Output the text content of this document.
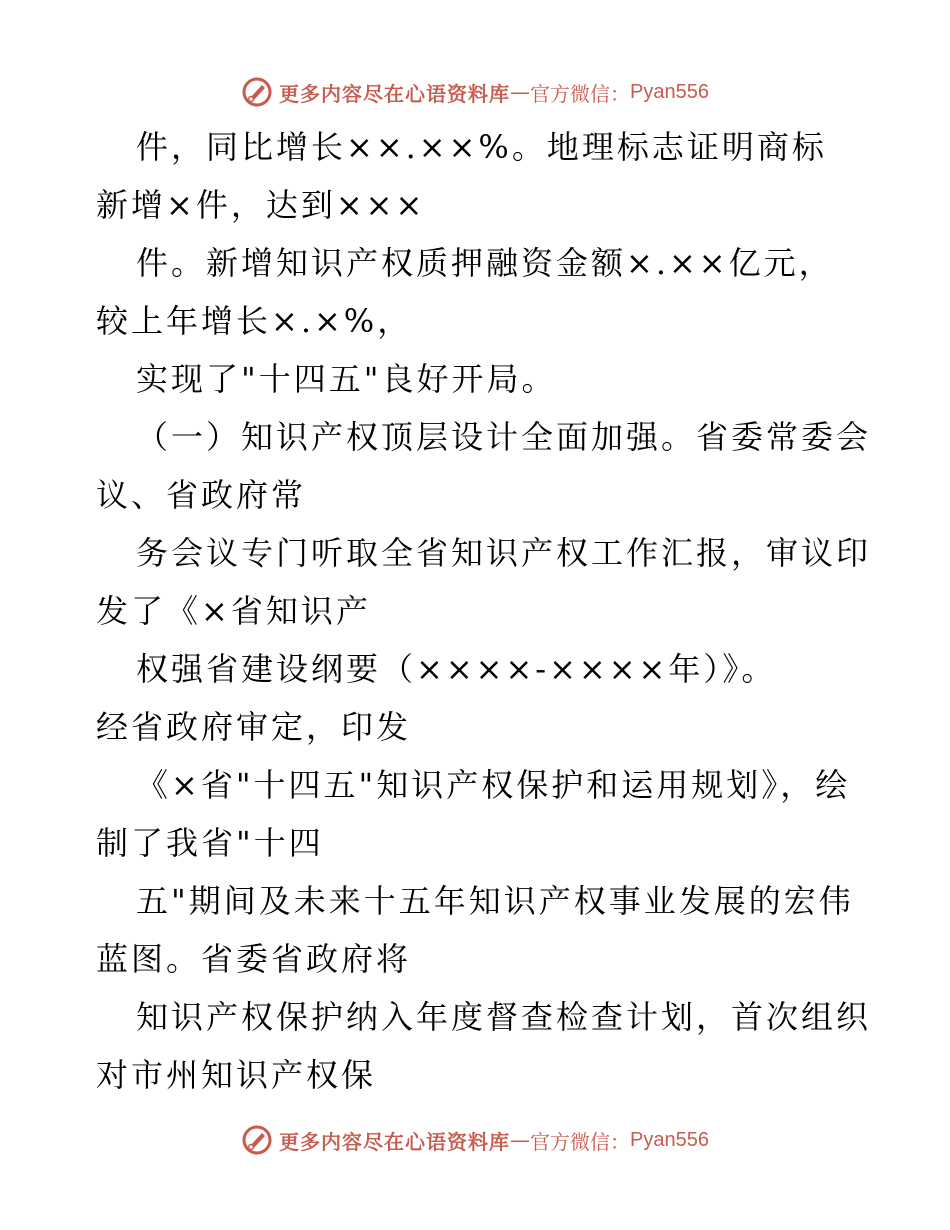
更多内容尽在心语资料库 — 官方微信： Pyan556
件，同比增长××.××%。地理标志证明商标
新增×件，达到×××
件。新增知识产权质押融资金额×.××亿元，
较上年增长×.×%，
实现了"十四五"良好开局。
（一）知识产权顶层设计全面加强。省委常委会
议、省政府常
务会议专门听取全省知识产权工作汇报，审议印
发了《×省知识产
权强省建设纲要（××××-××××年）》。
经省政府审定，印发
《×省"十四五"知识产权保护和运用规划》，绘
制了我省"十四
五"期间及未来十五年知识产权事业发展的宏伟
蓝图。省委省政府将
知识产权保护纳入年度督查检查计划，首次组织
对市州知识产权保
更多内容尽在心语资料库 — 官方微信： Pyan556
